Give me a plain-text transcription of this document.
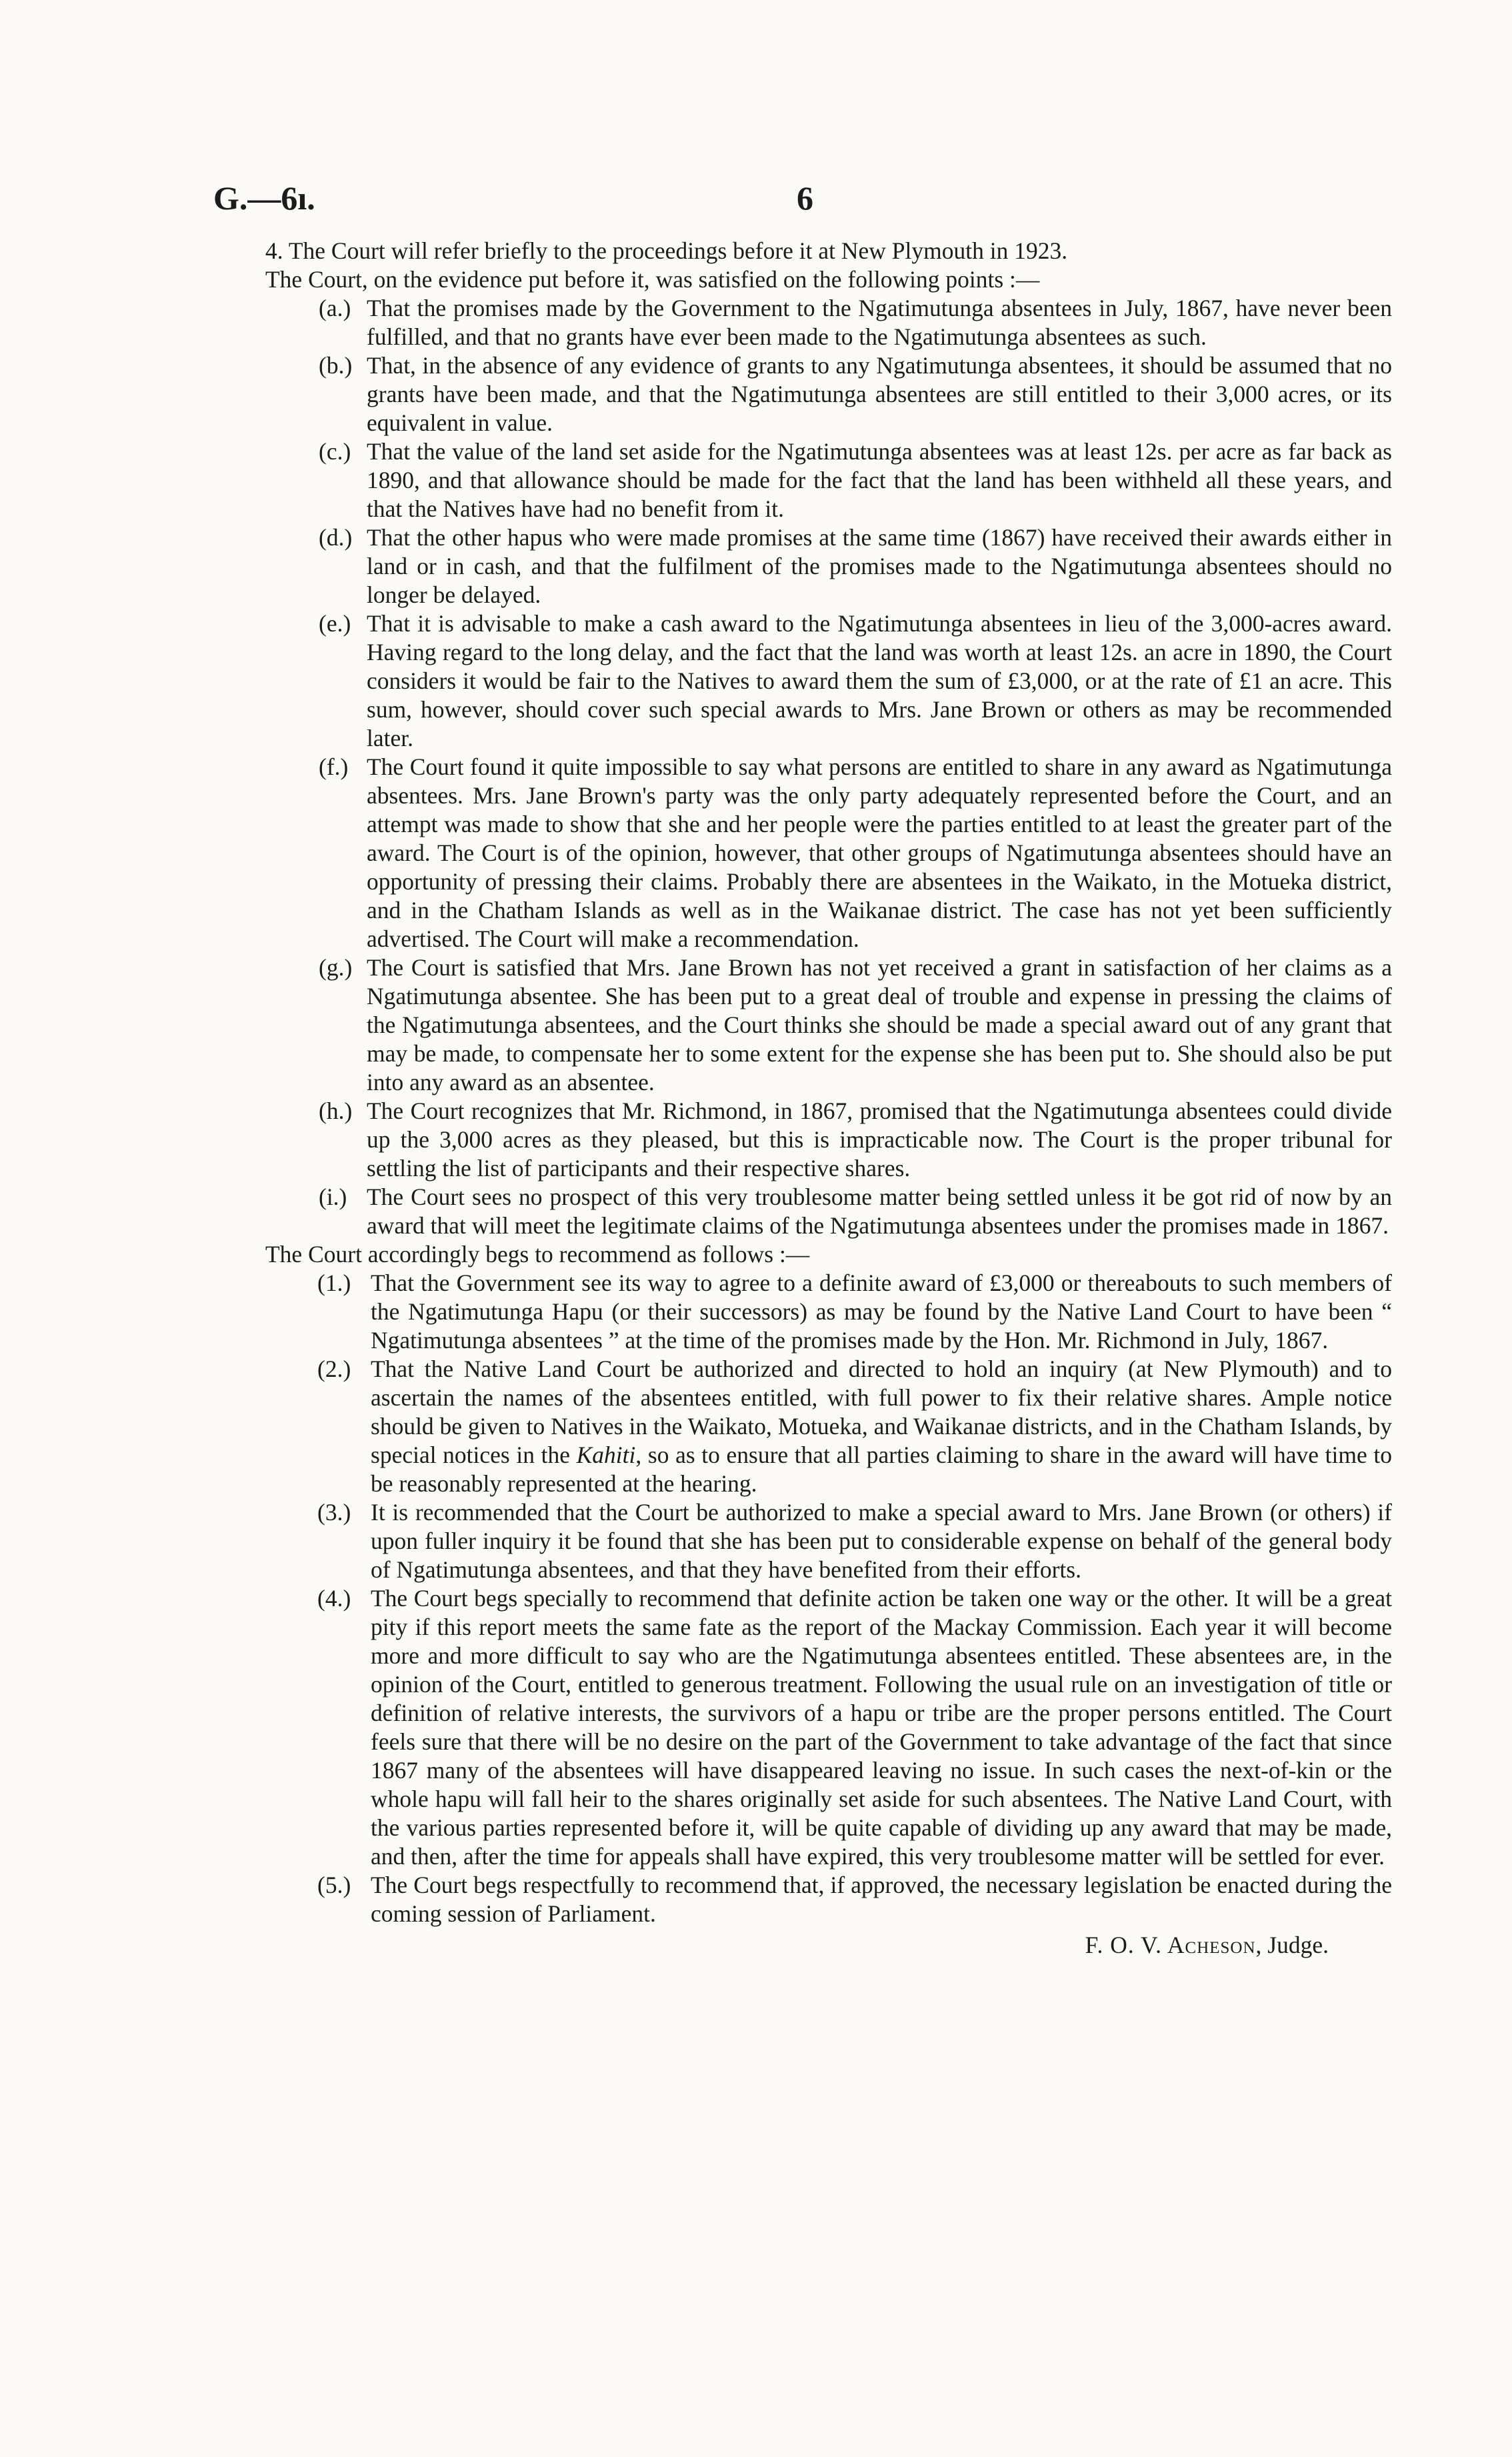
G.—6ı.	6

4. The Court will refer briefly to the proceedings before it at New Plymouth in 1923.

The Court, on the evidence put before it, was satisfied on the following points :—

(a.) That the promises made by the Government to the Ngatimutunga absentees in July, 1867, have never been fulfilled, and that no grants have ever been made to the Ngatimutunga absentees as such.
(b.) That, in the absence of any evidence of grants to any Ngatimutunga absentees, it should be assumed that no grants have been made, and that the Ngatimutunga absentees are still entitled to their 3,000 acres, or its equivalent in value.
(c.) That the value of the land set aside for the Ngatimutunga absentees was at least 12s. per acre as far back as 1890, and that allowance should be made for the fact that the land has been withheld all these years, and that the Natives have had no benefit from it.
(d.) That the other hapus who were made promises at the same time (1867) have received their awards either in land or in cash, and that the fulfilment of the promises made to the Ngatimutunga absentees should no longer be delayed.
(e.) That it is advisable to make a cash award to the Ngatimutunga absentees in lieu of the 3,000-acres award. Having regard to the long delay, and the fact that the land was worth at least 12s. an acre in 1890, the Court considers it would be fair to the Natives to award them the sum of £3,000, or at the rate of £1 an acre. This sum, however, should cover such special awards to Mrs. Jane Brown or others as may be recommended later.
(f.) The Court found it quite impossible to say what persons are entitled to share in any award as Ngatimutunga absentees. Mrs. Jane Brown's party was the only party adequately represented before the Court, and an attempt was made to show that she and her people were the parties entitled to at least the greater part of the award. The Court is of the opinion, however, that other groups of Ngatimutunga absentees should have an opportunity of pressing their claims. Probably there are absentees in the Waikato, in the Motueka district, and in the Chatham Islands as well as in the Waikanae district. The case has not yet been sufficiently advertised. The Court will make a recommendation.
(g.) The Court is satisfied that Mrs. Jane Brown has not yet received a grant in satisfaction of her claims as a Ngatimutunga absentee. She has been put to a great deal of trouble and expense in pressing the claims of the Ngatimutunga absentees, and the Court thinks she should be made a special award out of any grant that may be made, to compensate her to some extent for the expense she has been put to. She should also be put into any award as an absentee.
(h.) The Court recognizes that Mr. Richmond, in 1867, promised that the Ngatimutunga absentees could divide up the 3,000 acres as they pleased, but this is impracticable now. The Court is the proper tribunal for settling the list of participants and their respective shares.
(i.) The Court sees no prospect of this very troublesome matter being settled unless it be got rid of now by an award that will meet the legitimate claims of the Ngatimutunga absentees under the promises made in 1867.

The Court accordingly begs to recommend as follows :—

(1.) That the Government see its way to agree to a definite award of £3,000 or thereabouts to such members of the Ngatimutunga Hapu (or their successors) as may be found by the Native Land Court to have been “ Ngatimutunga absentees ” at the time of the promises made by the Hon. Mr. Richmond in July, 1867.
(2.) That the Native Land Court be authorized and directed to hold an inquiry (at New Plymouth) and to ascertain the names of the absentees entitled, with full power to fix their relative shares. Ample notice should be given to Natives in the Waikato, Motueka, and Waikanae districts, and in the Chatham Islands, by special notices in the Kahiti, so as to ensure that all parties claiming to share in the award will have time to be reasonably represented at the hearing.
(3.) It is recommended that the Court be authorized to make a special award to Mrs. Jane Brown (or others) if upon fuller inquiry it be found that she has been put to considerable expense on behalf of the general body of Ngatimutunga absentees, and that they have benefited from their efforts.
(4.) The Court begs specially to recommend that definite action be taken one way or the other. It will be a great pity if this report meets the same fate as the report of the Mackay Commission. Each year it will become more and more difficult to say who are the Ngatimutunga absentees entitled. These absentees are, in the opinion of the Court, entitled to generous treatment. Following the usual rule on an investigation of title or definition of relative interests, the survivors of a hapu or tribe are the proper persons entitled. The Court feels sure that there will be no desire on the part of the Government to take advantage of the fact that since 1867 many of the absentees will have disappeared leaving no issue. In such cases the next-of-kin or the whole hapu will fall heir to the shares originally set aside for such absentees. The Native Land Court, with the various parties represented before it, will be quite capable of dividing up any award that may be made, and then, after the time for appeals shall have expired, this very troublesome matter will be settled for ever.
(5.) The Court begs respectfully to recommend that, if approved, the necessary legislation be enacted during the coming session of Parliament.

F. O. V. Acheson, Judge.
